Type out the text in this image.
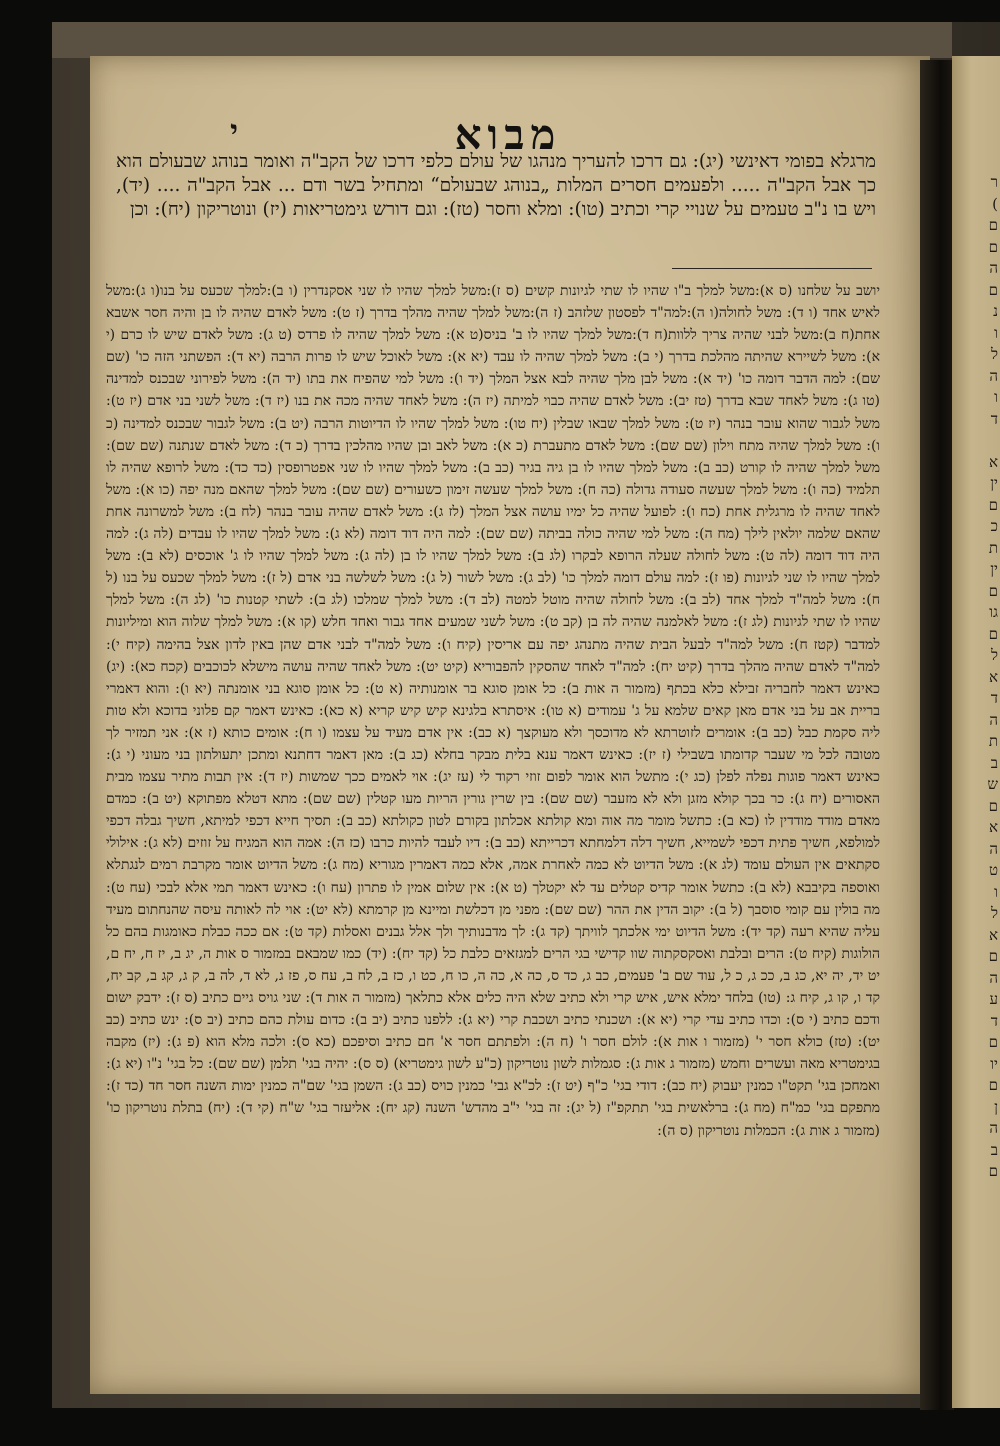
ר
)
ם
ם
ה
ם
נ
ו
ל
ה
ו
ד

א
ין
ם
כ
ת
ין
ם
גו
ם
ל
א
ד
ה
ת
ב
ש
ם
א
ה
ט
ו
ל
א
ם
ה
ע
ד
ם
יו
ם
ן
ה
ב
ם
מבוא
י
מרגלא בפומי דאינשי (יג): גם דרכו להעריך מנהגו של עולם כלפי דרכו של הקב"ה ואומר בנוהג שבעולם הוא כך אבל הקב"ה ..... ולפעמים חסרים המלות „בנוהג שבעולם“ ומתחיל בשר ודם ... אבל הקב"ה .... (יד), ויש בו נ"ב טעמים על שנויי קרי וכתיב (טו): ומלא וחסר (טז): וגם דורש גימטריאות (יז) ונוטריקון (יח): וכן
יושב על שלחנו (ס א):משל למלך ב"ו שהיו לו שתי לגיונות קשים (ס ז):משל למלך שהיו לו שני אסקנדרין (ו ב):למלך שכעס על בנו(ו ג):משל לאיש אחד (ו ד): משל לחולה(ו ה):למה"ד לפסטון שלזהב (ז ה):משל למלך שהיה מהלך בדרך (ז ט): משל לאדם שהיה לו בן והיה חסר אשבא אחת(ח ב):משל לבני שהיה צריך ללוות(ח ד):משל למלך שהיו לו ב' בניס(ט א): משל למלך שהיה לו פרדס (ט ג): משל לאדם שיש לו כרם (י א): משל לשיירא שהיתה מהלכת בדרך (י ב): משל למלך שהיה לו עבד (יא א): משל לאוכל שיש לו פרות הרבה (יא ד): הפשתני הזה כו' (שם שם): למה הדבר דומה כו' (יד א): משל לבן מלך שהיה לבא אצל המלך (יד ו): משל למי שהפיח את בתו (יד ה): משל לפירוני שבכנס למדינה (טו ג): משל לאחד שבא בדרך (טז יב): משל לאדם שהיה כבוי למיתה (יז ה): משל לאחד שהיה מכה את בנו (יז ד): משל לשני בני אדם (יז ט): משל לגבור שהוא עובר בנהר (יז ט): משל למלך שבאו שבלין (יח טו): משל למלך שהיו לו הדיוטות הרבה (יט ב): משל לגבור שבכנס למדינה (כ ו): משל למלך שהיה מתח וילון (שם שם): משל לאדם מתעברת (כ א): משל לאב ובן שהיו מהלכין בדרך (כ ד): משל לאדם שנתנה (שם שם): משל למלך שהיה לו קורט (כב ב): משל למלך שהיו לו בן גיה בגיר (כב ב): משל למלך שהיו לו שני אפטרופסין (כד כד): משל לרופא שהיה לו תלמיד (כה ו): משל למלך שעשה סעודה גדולה (כה ח): משל למלך שעשה זימון כשעורים (שם שם): משל למלך שהאם מנה יפה (כו א): משל לאחד שהיה לו מרגלית אחת (כח ו): לפועל שהיה כל ימיו עושה אצל המלך (לז ג): משל לאדם שהיה עובר בנהר (לח ב): משל למשרונה אחת שהאם שלמה יולאין לילך (מח ה): משל למי שהיה כולה בביתה (שם שם): למה היה דוד דומה (לא ג): משל למלך שהיו לו עבדים (לה ג): למה היה דוד דומה (לה ט): משל לחולה שעלה הרופא לבקרו (לג ב): משל למלך שהיו לו בן (לה ג): משל למלך שהיו לו ג' אוכסים (לא ב): משל למלך שהיו לו שני לגיונות (פו ז): למה עולם דומה למלך כו' (לב ג): משל לשור (ל ג): משל לשלשה בני אדם (ל ז): משל למלך שכעס על בנו (ל ח): משל למה"ד למלך אחד (לב ב): משל לחולה שהיה מוטל למטה (לב ד): משל למלך שמלכו (לג ב): לשתי קטנות כו' (לג ה): משל למלך שהיו לו שתי לגיונות (לג ז): משל לאלמנה שהיה לה בן (קב ט): משל לשני שמעים אחד גבור ואחד חלש (קו א): משל למלך שלוה הוא ומיליונות למדבר (קטז ח): משל למה"ד לבעל הבית שהיה מתנהג יפה עם אריסין (קיח ו): משל למה"ד לבני אדם שהן בא‍ין לדון אצל בהימה (קיח י): למה"ד לאדם שהיה מהלך בדרך (קיט יח): למה"ד לאחד שהסקין להפבוריא (קיט יט): משל לאחד שהיה עושה מישלא לכוכבים (קכח כא): (יג) כאינש דאמר לחבריה זבילא כלא בכתף (מזמור ה אות ב): כל אומן סוגא בר אומנותיה (א ט): כל אומן סוגא בני אומנתה (יא ו): והוא דאמרי בריית אב על בני אדם מאן קאים שלמא על ג' עמודים (א טו): איסתרא בלגינא קיש קיש קריא (א כא): כאינש דאמר קם פלוני בדוכא ולא טות ליה סקמת כבל (כב ב): אומרים לזוטרתא לא מדוכסך ולא מעוקצך (א כב): אין אדם מעיד על עצמו (ו ח): אומים כותא (ז א): אני תמזיר לך מטובה לכל מי שעבר קדומתו בשבילי (ז יז): כאינש דאמר ענא בלית מבקר בחלא (כג ב): מאן דאמר דחתנא ומתכן יתעולתון בני מעוני (י ג): כאינש דאמר פוגות נפלה לפלן (כג י): מתשל הוא אומר לפום זוזי רקוד לי (עז יג): אוי לאמים ככך שמשות (יז ד): אין תבות מתיר עצמו מבית האסורים (יח ג): כר בכך קולא מזגן ולא לא מזעבר (שם שם): בין שרין גורין הריות מעו קטלין (שם שם): מתא דטלא מפתוקא (יט ב): כמדם מאדם מודד מודדין לו (כא ב): כתשל מומר מה אוה ומא קולתא אכלתון בקורם לטון כקולתא (כב ב): תסיך חייא דכפי למיתא, חשיך גבלה דכפי למולפא, חשיך פתית דכפי לשמייא, חשיך דלה דלמחתא דכרייתא (כב ב): דיו לעבד להיות כרבו (כז ה): אמה הוא המגיח על זוזים (לא ג): אילולי סקתאים אין העולם עומד (לג א): משל הדיוט לא כמה לאחרת אמה, אלא כמה דאמרין מגוריא (מח ג): משל הדיוט אומר מקרבת רמים לנגתלא ואוספה בקיבבא (לא ב): כתשל אומר קדיס קטלים עד לא יקטלך (ט א): אין שלום אמין לו פתרון (עח ו): כאינש דאמר תמי אלא לבכי (עח ט): מה בולין עם קומי סוסבך (ל ב): יקוב הדין את ההר (שם שם): מפני מן דכלשת ומיינא מן קרמתא (לא יט): אוי לה לאותה עיסה שהנחתום מעיד עליה שהיא רעה (קד יד): משל הדיוט ימי אלכתך לוויתך (קד ג): לך מדבנותיך ולך אלל גבנים ואסלות (קד ט): אם ככה כבלת כאומגות בהם כל הולוגות (קיח ט): הרים ובלבת ואסקסקתוה שוו קדישי בגי הרים למגזאים כלבת כל (קד יח): (יד) כמו שמבאם במזמור ס אות ה, יג ב, יז ח, יח ם, יט יד, יה יא, כג ב, ככ ג, כ ל, עוד שם ב' פעמים, כב ג, כד ס, כה א, כה ה, כו ח, כט ו, כז ב, לח ב, עח ס, פז ג, לא ד, לה ב, ק ג, קג ב, קב יח, קד ו, קו ג, קיח ג: (טו) בלחד ימלא איש, איש קרי ולא כתיב שלא היה כלים אלא כתלאך (מזמור ה אות ד): שני גויס גיים כתיב (ס ז): ידבק ישום ודכם כתיב (י ס): וכדו כתיב עדי קרי (יא א): ושכנתי כתיב ושכבת קרי (יא ג): ללפנו כתיב (יב ב): כדום עולת כהם כתיב (יב ס): ינש כתיב (כב יט): (טז) כולא חסר י' (מזמור ו אות א): לולם חסר ו' (ח ה): ולפתתם חסר א' חם כתיב וסיפכם (כא ס): ולכה מלא הוא (פ ג): (יז) מקבה בגימטריא מאה ועשרים וחמש (מזמור ג אות ג): סגמלות לשון נוטריקון (כ"ע לשון גימטריא) (ס ס): יהיה בגי' תלמן (שם שם): כל בגי' נ"ו (יא ג): ואמחכן בגי' תקט"ו כמנין יעבוק (יח כב): דודי בגי' כ"ף (יט ז): לכ"א גב‍י' כמנין כויס (כב ג): השמן בגי' שם"ה כמנין ימות השנה חסר חד (כד ז): מתפקם בגי' כמ"ח (מח ג): ברלאשית בגי' תתקפ"ז (ל יג): זה בגי' י"ב מהדש' השנה (קג יח): אליעזר בגי' ש"ח (קי ד): (יח) בתלת נוטריקון כו' (מזמור ג אות ג): הכמלות נוטריקון (ס ה):
